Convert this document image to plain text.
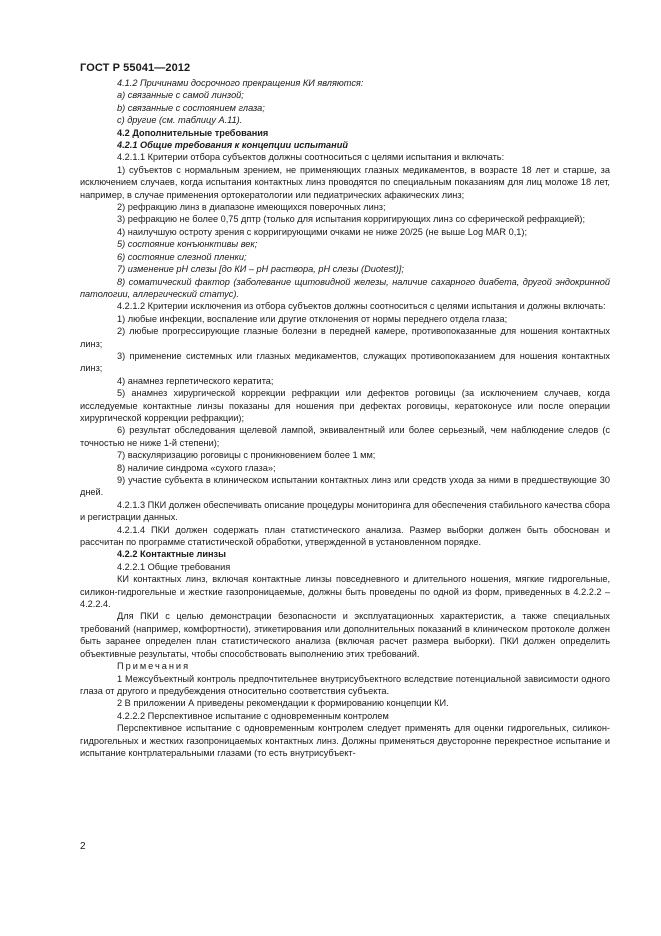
ГОСТ Р 55041—2012

4.1.2 Причинами досрочного прекращения КИ являются:

a) связанные с самой линзой;

b) связанные с состоянием глаза;

c) другие (см. таблицу А.11).

4.2 Дополнительные требования

4.2.1 Общие требования к концепции испытаний

4.2.1.1 Критерии отбора субъектов должны соотноситься с целями испытания и включать:

1) субъектов с нормальным зрением, не применяющих глазных медикаментов, в возрасте 18 лет и старше, за исключением случаев, когда испытания контактных линз проводятся по специальным показаниям для лиц моложе 18 лет, например, в случае применения ортокератологии или педиатрических афакических линз;

2) рефракцию линз в диапазоне имеющихся поверочных линз;

3) рефракцию не более 0,75 дптр (только для испытания корригирующих линз со сферической рефракцией);

4) наилучшую остроту зрения с корригирующими очками не ниже 20/25 (не выше Log MAR 0,1);

5) состояние конъюнктивы век;

6) состояние слезной пленки;

7) изменение pH слезы [до КИ – pH раствора, pH слезы (Duotest)];

8) соматический фактор (заболевание щитовидной железы, наличие сахарного диабета, другой эндокринной патологии, аллергический статус).

4.2.1.2 Критерии исключения из отбора субъектов должны соотноситься с целями испытания и должны включать:

1) любые инфекции, воспаление или другие отклонения от нормы переднего отдела глаза;

2) любые прогрессирующие глазные болезни в передней камере, противопоказанные для ношения контактных линз;

3) применение системных или глазных медикаментов, служащих противопоказанием для ношения контактных линз;

4) анамнез герпетического кератита;

5) анамнез хирургической коррекции рефракции или дефектов роговицы (за исключением случаев, когда исследуемые контактные линзы показаны для ношения при дефектах роговицы, кератоконусе или после операции хирургической коррекции рефракции);

6) результат обследования щелевой лампой, эквивалентный или более серьезный, чем наблюдение следов (с точностью не ниже 1-й степени);

7) васкуляризацию роговицы с проникновением более 1 мм;

8) наличие синдрома «сухого глаза»;

9) участие субъекта в клиническом испытании контактных линз или средств ухода за ними в предшествующие 30 дней.

4.2.1.3 ПКИ должен обеспечивать описание процедуры мониторинга для обеспечения стабильного качества сбора и регистрации данных.

4.2.1.4 ПКИ должен содержать план статистического анализа. Размер выборки должен быть обоснован и рассчитан по программе статистической обработки, утвержденной в установленном порядке.

4.2.2 Контактные линзы

4.2.2.1 Общие требования

КИ контактных линз, включая контактные линзы повседневного и длительного ношения, мягкие гидрогельные, силикон-гидрогельные и жесткие газопроницаемые, должны быть проведены по одной из форм, приведенных в 4.2.2.2 – 4.2.2.4.

Для ПКИ с целью демонстрации безопасности и эксплуатационных характеристик, а также специальных требований (например, комфортности), этикетирования или дополнительных показаний в клиническом протоколе должен быть заранее определен план статистического анализа (включая расчет размера выборки). ПКИ должен определить объективные результаты, чтобы способствовать выполнению этих требований.

Примечания

1 Межсубъектный контроль предпочтительнее внутрисубъектного вследствие потенциальной зависимости одного глаза от другого и предубеждения относительно соответствия субъекта.

2 В приложении А приведены рекомендации к формированию концепции КИ.

4.2.2.2 Перспективное испытание с одновременным контролем

Перспективное испытание с одновременным контролем следует применять для оценки гидрогельных, силикон-гидрогельных и жестких газопроницаемых контактных линз. Должны применяться двусторонне перекрестное испытание и испытание контрлатеральными глазами (то есть внутрисубъект-

2
